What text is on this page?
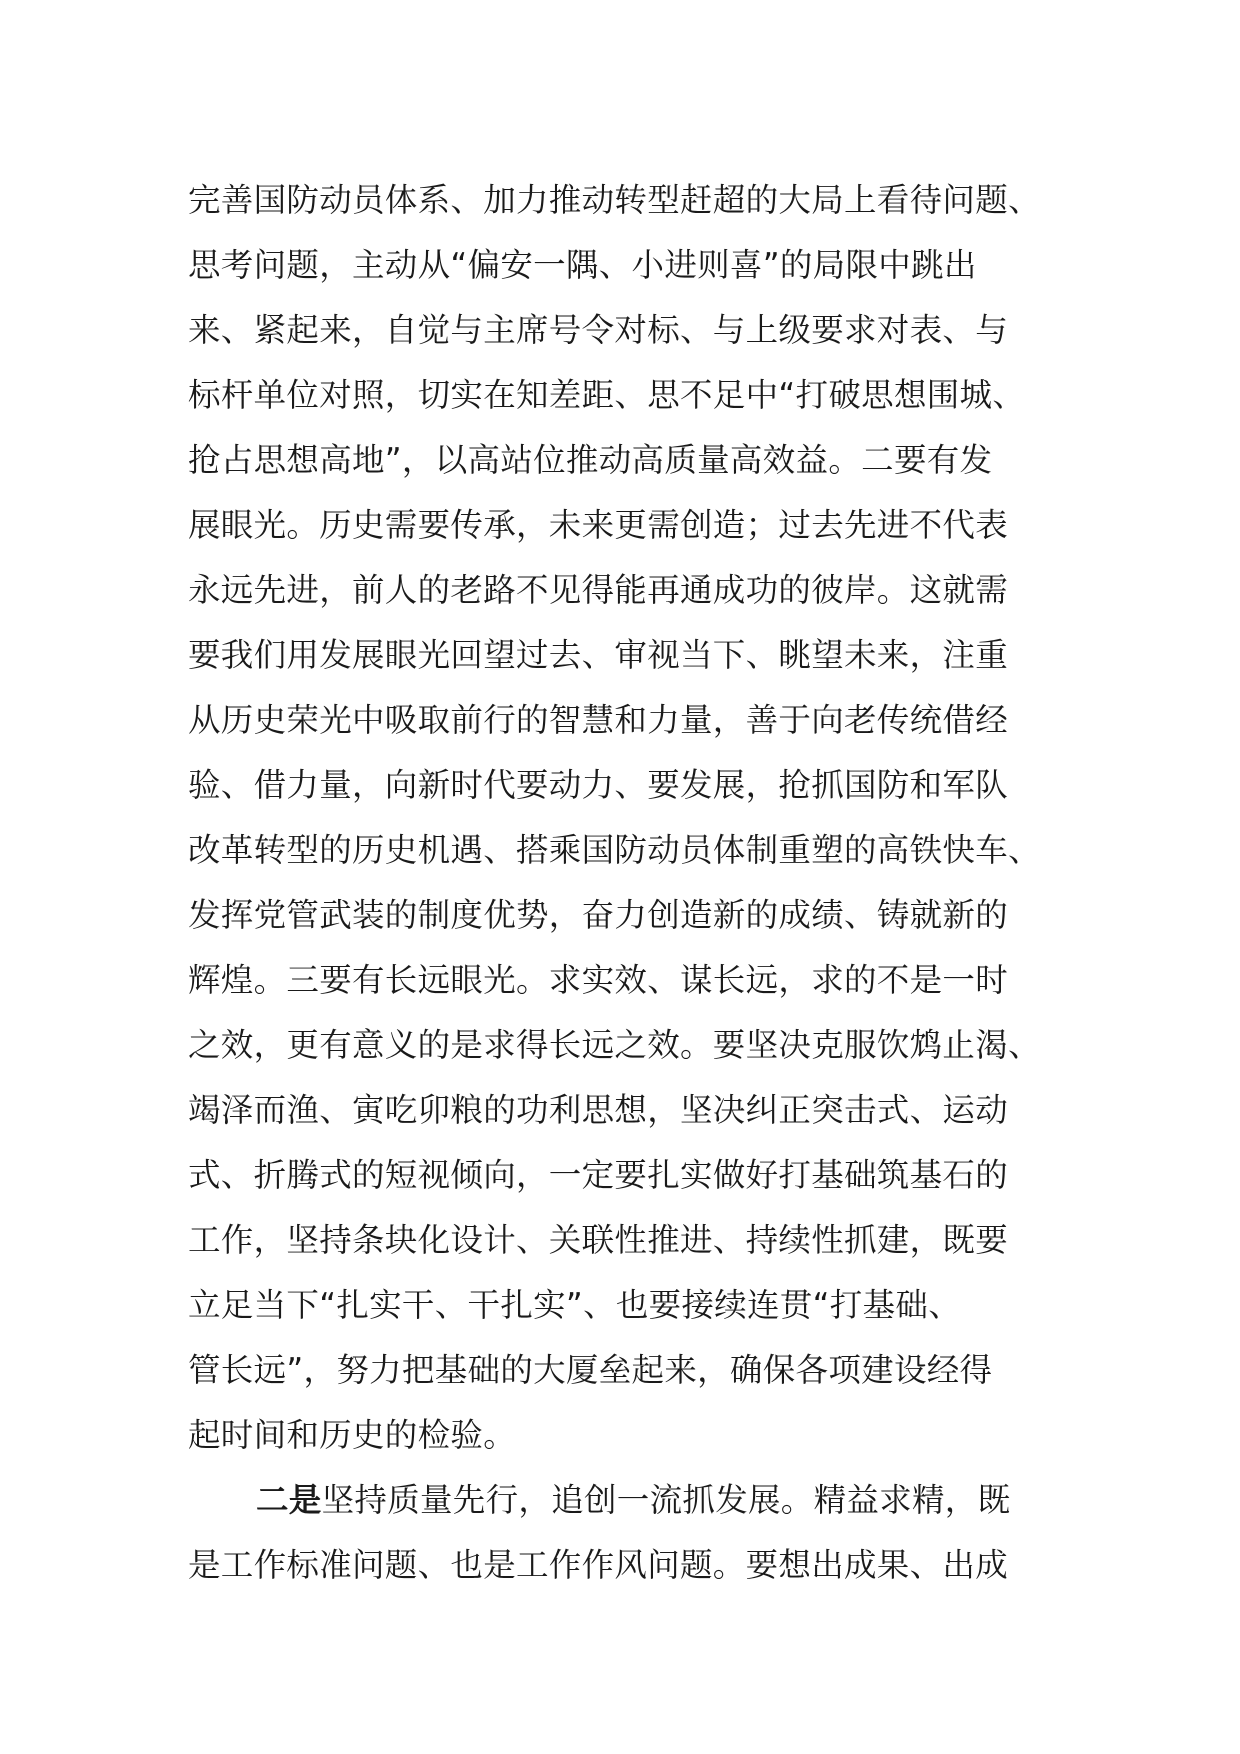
完善国防动员体系、加力推动转型赶超的大局上看待问题、
思考问题，主动从“偏安一隅、小进则喜”的局限中跳出
来、紧起来，自觉与主席号令对标、与上级要求对表、与
标杆单位对照，切实在知差距、思不足中“打破思想围城、
抢占思想高地”，以高站位推动高质量高效益。二要有发
展眼光。历史需要传承，未来更需创造；过去先进不代表
永远先进，前人的老路不见得能再通成功的彼岸。这就需
要我们用发展眼光回望过去、审视当下、眺望未来，注重
从历史荣光中吸取前行的智慧和力量，善于向老传统借经
验、借力量，向新时代要动力、要发展，抢抓国防和军队
改革转型的历史机遇、搭乘国防动员体制重塑的高铁快车、
发挥党管武装的制度优势，奋力创造新的成绩、铸就新的
辉煌。三要有长远眼光。求实效、谋长远，求的不是一时
之效，更有意义的是求得长远之效。要坚决克服饮鸩止渴、
竭泽而渔、寅吃卯粮的功利思想，坚决纠正突击式、运动
式、折腾式的短视倾向，一定要扎实做好打基础筑基石的
工作，坚持条块化设计、关联性推进、持续性抓建，既要
立足当下“扎实干、干扎实”、也要接续连贯“打基础、
管长远”，努力把基础的大厦垒起来，确保各项建设经得
起时间和历史的检验。
二是坚持质量先行，追创一流抓发展。精益求精，既
是工作标准问题、也是工作作风问题。要想出成果、出成
